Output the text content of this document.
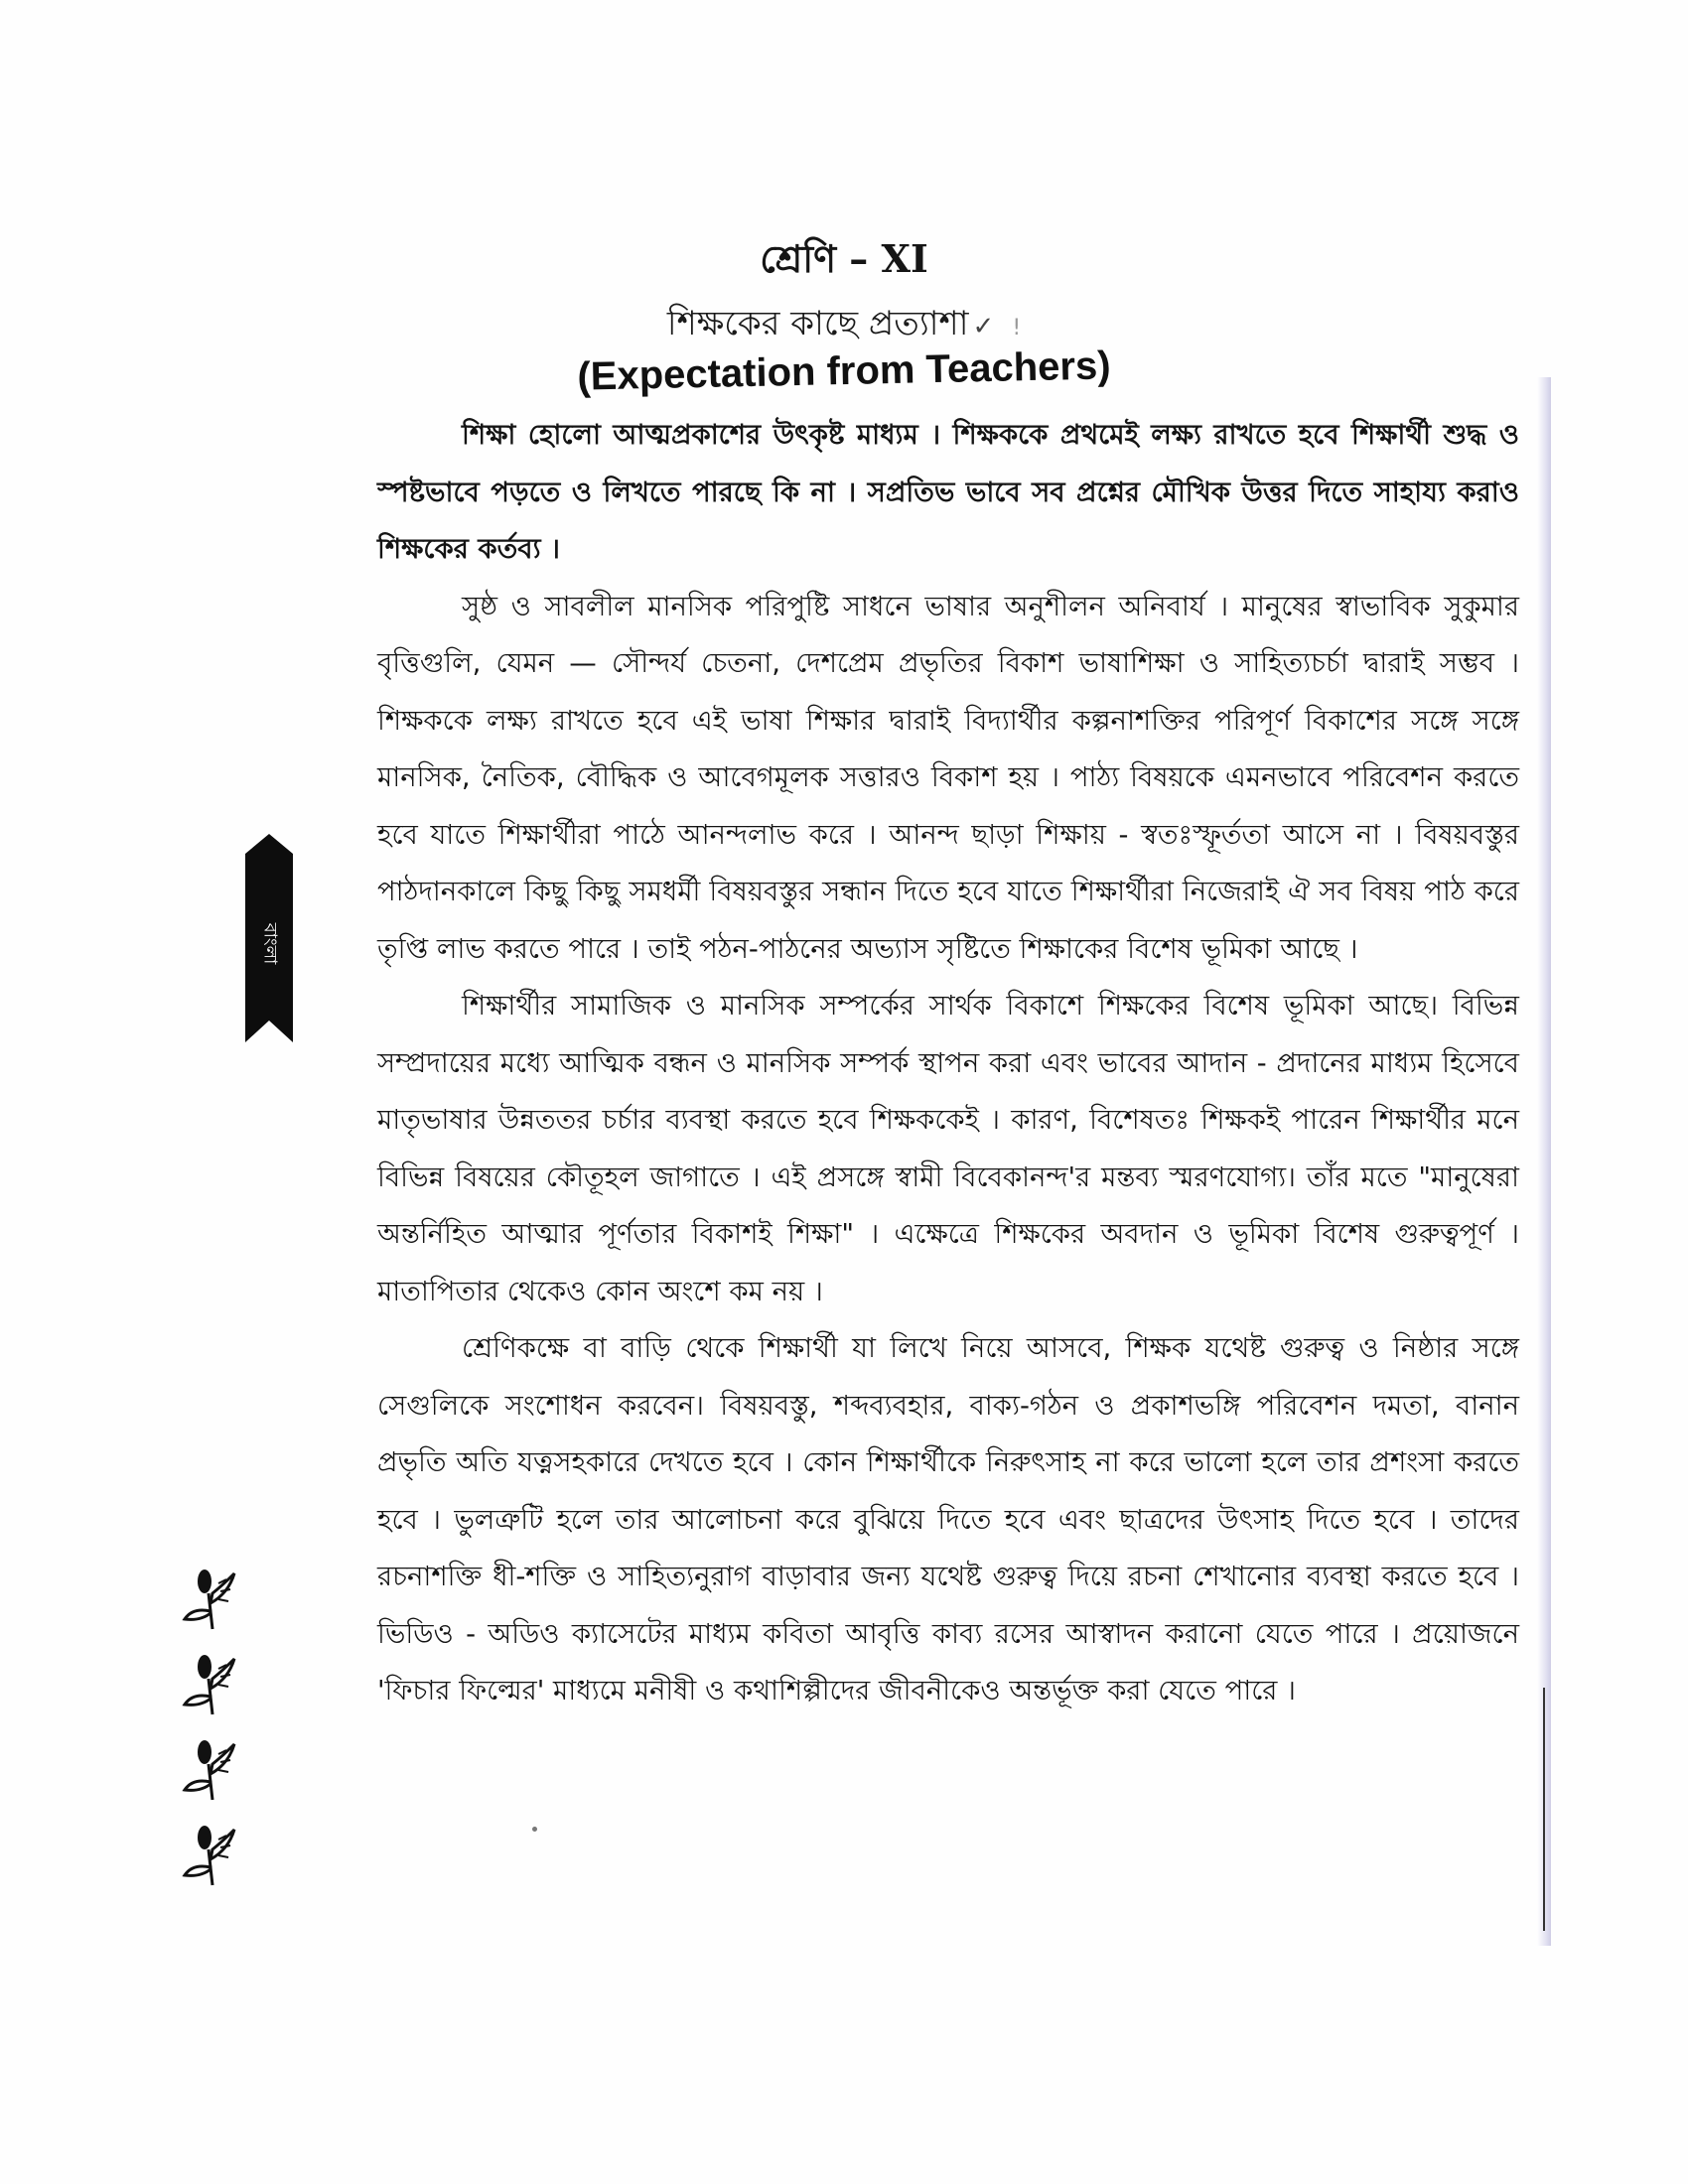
শ্রেণি – XI
শিক্ষকের কাছে প্রত্যাশা ✓ !
(Expectation from Teachers)

শিক্ষা হোলো আত্মপ্রকাশের উৎকৃষ্ট মাধ্যম । শিক্ষককে প্রথমেই লক্ষ্য রাখতে হবে শিক্ষার্থী শুদ্ধ ও স্পষ্টভাবে পড়তে ও লিখতে পারছে কি না । সপ্রতিভ ভাবে সব প্রশ্নের মৌখিক উত্তর দিতে সাহায্য করাও শিক্ষকের কর্তব্য ।

সুষ্ঠ ও সাবলীল মানসিক পরিপুষ্টি সাধনে ভাষার অনুশীলন অনিবার্য । মানুষের স্বাভাবিক সুকুমার বৃত্তিগুলি, যেমন — সৌন্দর্য চেতনা, দেশপ্রেম প্রভৃতির বিকাশ ভাষাশিক্ষা ও সাহিত্যচর্চা দ্বারাই সম্ভব । শিক্ষককে লক্ষ্য রাখতে হবে এই ভাষা শিক্ষার দ্বারাই বিদ্যার্থীর কল্পনাশক্তির পরিপূর্ণ বিকাশের সঙ্গে সঙ্গে মানসিক, নৈতিক, বৌদ্ধিক ও আবেগমূলক সত্তারও বিকাশ হয় । পাঠ্য বিষয়কে এমনভাবে পরিবেশন করতে হবে যাতে শিক্ষার্থীরা পাঠে আনন্দলাভ করে । আনন্দ ছাড়া শিক্ষায় - স্বতঃস্ফূর্ততা আসে না । বিষয়বস্তুর পাঠদানকালে কিছু কিছু সমধর্মী বিষয়বস্তুর সন্ধান দিতে হবে যাতে শিক্ষার্থীরা নিজেরাই ঐ সব বিষয় পাঠ করে তৃপ্তি লাভ করতে পারে । তাই পঠন-পাঠনের অভ্যাস সৃষ্টিতে শিক্ষাকের বিশেষ ভূমিকা আছে ।

শিক্ষার্থীর সামাজিক ও মানসিক সম্পর্কের সার্থক বিকাশে শিক্ষকের বিশেষ ভূমিকা আছে। বিভিন্ন সম্প্রদায়ের মধ্যে আত্মিক বন্ধন ও মানসিক সম্পর্ক স্থাপন করা এবং ভাবের আদান - প্রদানের মাধ্যম হিসেবে মাতৃভাষার উন্নততর চর্চার ব্যবস্থা করতে হবে শিক্ষককেই । কারণ, বিশেষতঃ শিক্ষকই পারেন শিক্ষার্থীর মনে বিভিন্ন বিষয়ের কৌতূহল জাগাতে । এই প্রসঙ্গে স্বামী বিবেকানন্দ'র মন্তব্য স্মরণযোগ্য। তাঁর মতে "মানুষেরা অন্তর্নিহিত আত্মার পূর্ণতার বিকাশই শিক্ষা" । এক্ষেত্রে শিক্ষকের অবদান ও ভূমিকা বিশেষ গুরুত্বপূর্ণ । মাতাপিতার থেকেও কোন অংশে কম নয় ।

শ্রেণিকক্ষে বা বাড়ি থেকে শিক্ষার্থী যা লিখে নিয়ে আসবে, শিক্ষক যথেষ্ট গুরুত্ব ও নিষ্ঠার সঙ্গে সেগুলিকে সংশোধন করবেন। বিষয়বস্তু, শব্দব্যবহার, বাক্য-গঠন ও প্রকাশভঙ্গি পরিবেশন দমতা, বানান প্রভৃতি অতি যত্নসহকারে দেখতে হবে । কোন শিক্ষার্থীকে নিরুৎসাহ না করে ভালো হলে তার প্রশংসা করতে হবে । ভুলত্রুটি হলে তার আলোচনা করে বুঝিয়ে দিতে হবে এবং ছাত্রদের উৎসাহ দিতে হবে । তাদের রচনাশক্তি ধী-শক্তি ও সাহিত্যনুরাগ বাড়াবার জন্য যথেষ্ট গুরুত্ব দিয়ে রচনা শেখানোর ব্যবস্থা করতে হবে । ভিডিও - অডিও ক্যাসেটের মাধ্যম কবিতা আবৃত্তি কাব্য রসের আস্বাদন করানো যেতে পারে । প্রয়োজনে 'ফিচার ফিল্মের' মাধ্যমে মনীষী ও কথাশিল্পীদের জীবনীকেও অন্তর্ভূক্ত করা যেতে পারে ।

বাংলা
